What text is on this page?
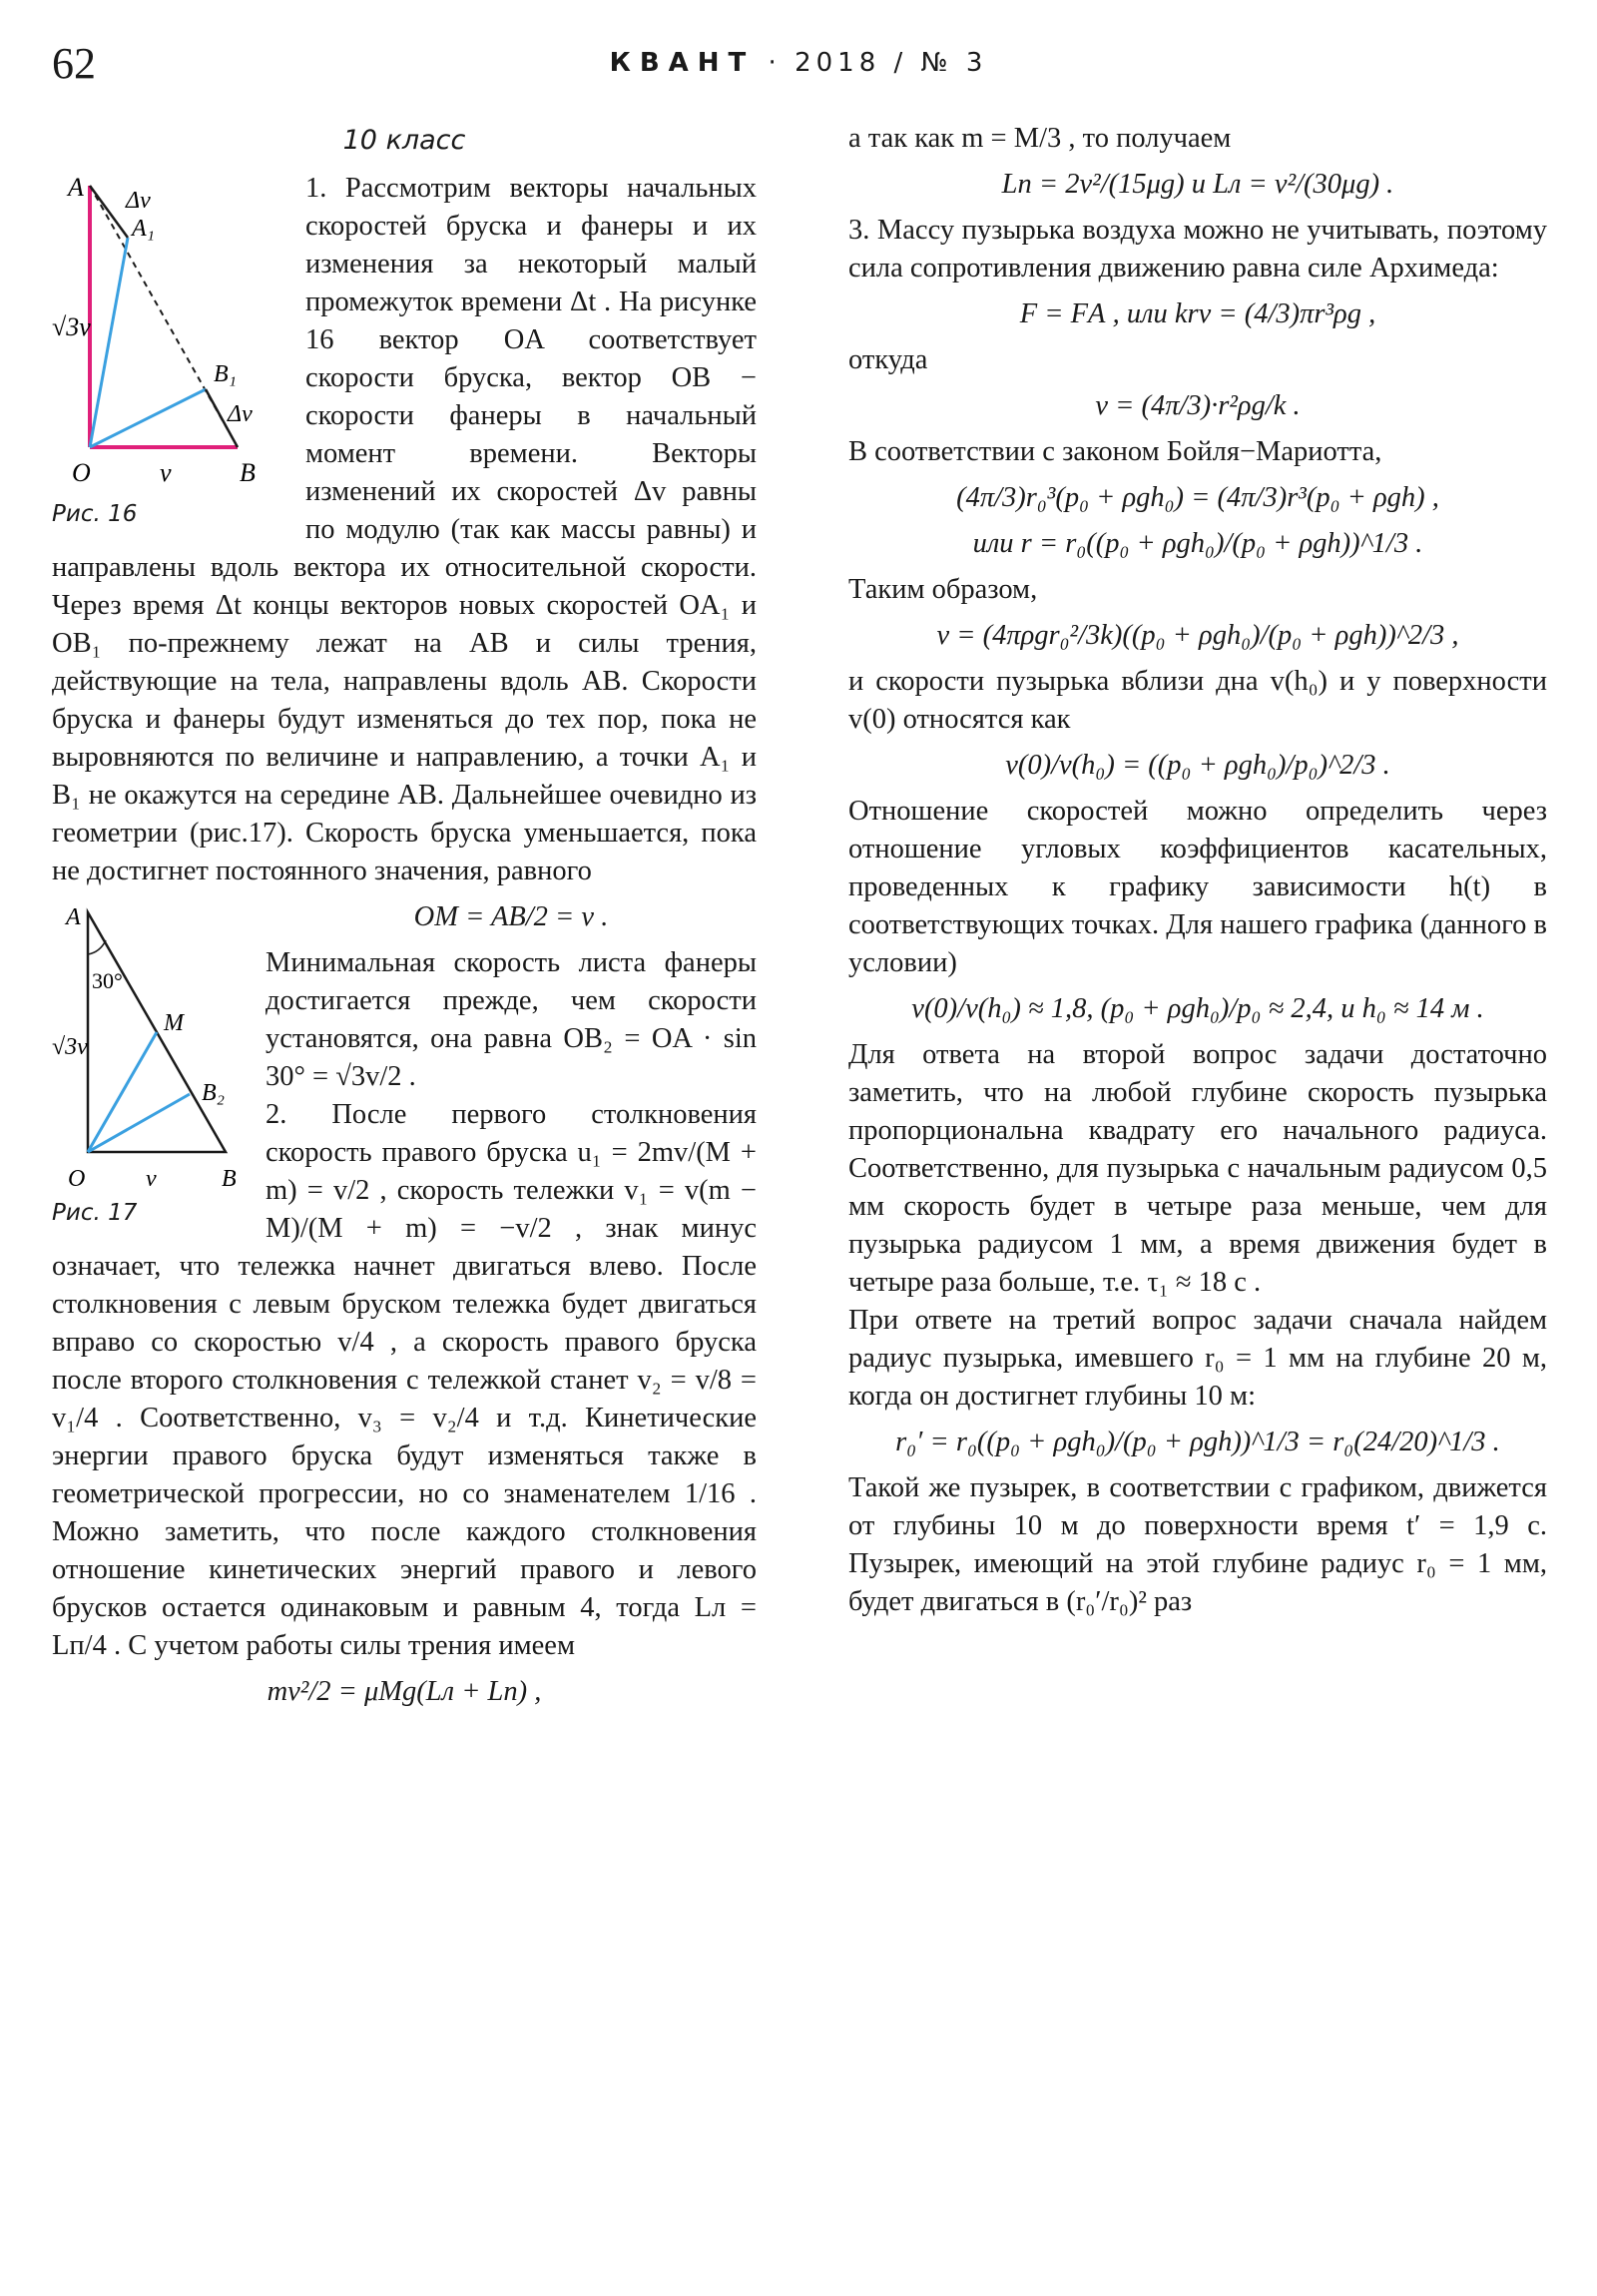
62	КВАНТ · 2018 / № 3
10 класс
A
A₁
Δv
B₁
Δv
√3v
O	v	B
Рис. 16

1. Рассмотрим векторы начальных скоростей бруска и фанеры и их изменения за некоторый малый промежуток времени Δt . На рисунке 16 вектор OA соответствует скорости бруска, вектор OB − скорости фанеры в начальный момент времени. Векторы изменений их скоростей Δv равны по модулю (так как массы равны) и направлены вдоль вектора их относительной скорости. Через время Δt концы векторов новых скоростей OA₁ и OB₁ по-прежнему лежат на AB и силы трения, действующие на тела, направлены вдоль AB. Скорости бруска и фанеры будут изменяться до тех пор, пока не выровняются по величине и направлению, а точки A₁ и B₁ не окажутся на середине AB. Дальнейшее очевидно из геометрии (рис.17). Скорость бруска уменьшается, пока не достигнет постоянного значения, равного

A
30°
M
B₂
√3v
O	v	B
Рис. 17
OM = AB/2 = v .

Минимальная скорость листа фанеры достигается прежде, чем скорости установятся, она равна OB₂ = OA · sin 30° = √3v/2 .

2. После первого столкновения скорость правого бруска u₁ = 2mv/(M + m) = v/2 , скорость тележки v₁ = v(m − M)/(M + m) = −v/2 , знак минус означает, что тележка начнет двигаться влево. После столкновения с левым бруском тележка будет двигаться вправо со скоростью v/4 , а скорость правого бруска после второго столкновения с тележкой станет v₂ = v/8 = v₁/4 . Соответственно, v₃ = v₂/4 и т.д. Кинетические энергии правого бруска будут изменяться также в геометрической прогрессии, но со знаменателем 1/16 . Можно заметить, что после каждого столкновения отношение кинетических энергий правого и левого брусков остается одинаковым и равным 4, тогда Lл = Lп/4 . С учетом работы силы трения имеем

mv²/2 = μMg(Lл + Lп) ,

а так как m = M/3 , то получаем

Lп = 2v²/(15μg) и Lл = v²/(30μg) .

3. Массу пузырька воздуха можно не учитывать, поэтому сила сопротивления движению равна силе Архимеда:

F = FА , или krv = (4/3)πr³ρg ,

откуда

v = (4π/3)·r²ρg/k .

В соответствии с законом Бойля−Мариотта,

(4π/3)r₀³(p₀ + ρgh₀) = (4π/3)r³(p₀ + ρgh) ,
или r = r₀((p₀ + ρgh₀)/(p₀ + ρgh))^1/3 .

Таким образом,

v = (4πρgr₀²/3k)((p₀ + ρgh₀)/(p₀ + ρgh))^2/3 ,

и скорости пузырька вблизи дна v(h₀) и у поверхности v(0) относятся как

v(0)/v(h₀) = ((p₀ + ρgh₀)/p₀)^2/3 .

Отношение скоростей можно определить через отношение угловых коэффициентов касательных, проведенных к графику зависимости h(t) в соответствующих точках. Для нашего графика (данного в условии)

v(0)/v(h₀) ≈ 1,8, (p₀ + ρgh₀)/p₀ ≈ 2,4, и h₀ ≈ 14 м .

Для ответа на второй вопрос задачи достаточно заметить, что на любой глубине скорость пузырька пропорциональна квадрату его начального радиуса. Соответственно, для пузырька с начальным радиусом 0,5 мм скорость будет в четыре раза меньше, чем для пузырька радиусом 1 мм, а время движения будет в четыре раза больше, т.е. τ₁ ≈ 18 с .

При ответе на третий вопрос задачи сначала найдем радиус пузырька, имевшего r₀ = 1 мм на глубине 20 м, когда он достигнет глубины 10 м:

r₀′ = r₀((p₀ + ρgh₀)/(p₀ + ρgh))^1/3 = r₀(24/20)^1/3 .

Такой же пузырек, в соответствии с графиком, движется от глубины 10 м до поверхности время t′ = 1,9 с. Пузырек, имеющий на этой глубине радиус r₀ = 1 мм, будет двигаться в (r₀′/r₀)² раз
